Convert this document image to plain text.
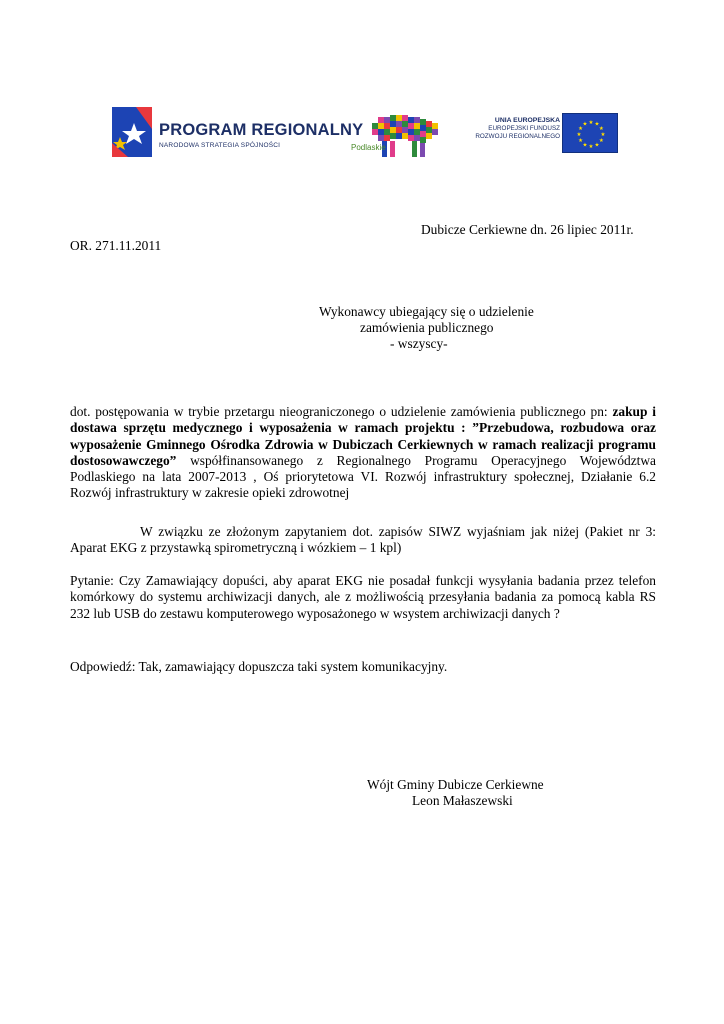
PROGRAM REGIONALNY
NARODOWA STRATEGIA SPÓJNOŚCI	Podlaskie
UNIA EUROPEJSKA
EUROPEJSKI FUNDUSZ
ROZWOJU REGIONALNEGO
★ ★
★
★
★
★
★
★
★
★
★
★
Dubicze Cerkiewne dn. 26 lipiec 2011r.
OR. 271.11.2011
Wykonawcy ubiegający się o udzielenie
zamówienia publicznego
- wszyscy-
dot. postępowania w trybie przetargu nieograniczonego o udzielenie zamówienia publicznego pn: zakup i dostawa sprzętu medycznego i wyposażenia w ramach projektu : ”Przebudowa, rozbudowa oraz wyposażenie Gminnego Ośrodka Zdrowia w Dubiczach Cerkiewnych w ramach realizacji programu dostosowawczego” współfinansowanego z Regionalnego Programu Operacyjnego Województwa Podlaskiego na lata 2007-2013 , Oś priorytetowa VI. Rozwój infrastruktury społecznej, Działanie 6.2 Rozwój infrastruktury w zakresie opieki zdrowotnej
W związku ze złożonym zapytaniem dot. zapisów SIWZ wyjaśniam jak niżej (Pakiet nr 3: Aparat EKG z przystawką spirometryczną i wózkiem – 1 kpl)
Pytanie: Czy Zamawiający dopuści, aby aparat EKG nie posadał funkcji wysyłania badania przez telefon komórkowy do systemu archiwizacji danych, ale z możliwością przesyłania badania za pomocą kabla RS 232 lub USB do zestawu komputerowego wyposażonego w wsystem archiwizacji danych ?
Odpowiedź: Tak, zamawiający dopuszcza taki system komunikacyjny.
Wójt Gminy Dubicze Cerkiewne
Leon Małaszewski
